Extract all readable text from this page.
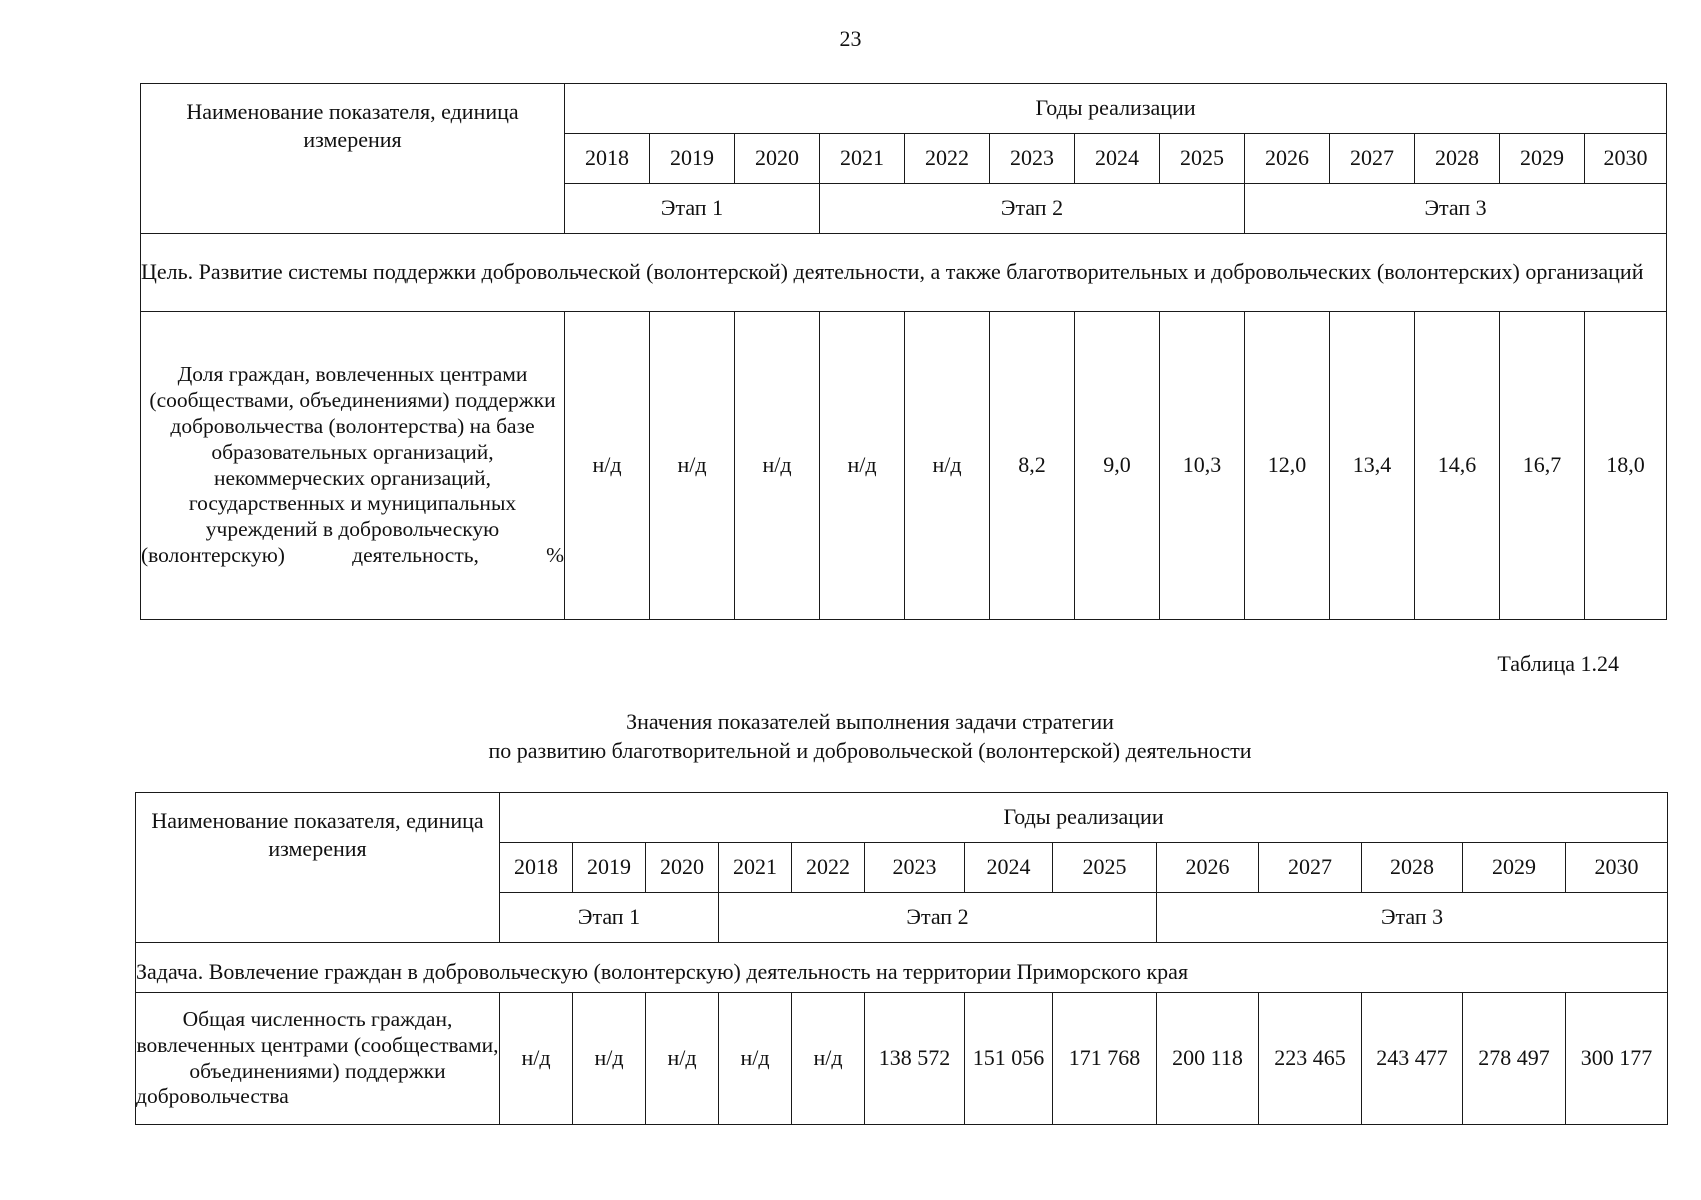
23
Наименование показателя, единица измерения	Годы реализации												
	2018	2019	2020	2021	2022	2023	2024	2025	2026	2027	2028	2029	2030
	Этап 1			Этап 2					Этап 3				
Цель. Развитие системы поддержки добровольческой (волонтерской) деятельности, а также благотворительных и добровольческих (волонтерских) организаций													
Доля граждан, вовлеченных центрами (сообществами, объединениями) поддержки добровольчества (волонтерства) на базе образовательных организаций, некоммерческих организаций, государственных и муниципальных учреждений в добровольческую (волонтерскую) деятельность, %	н/д	н/д	н/д	н/д	н/д	8,2	9,0	10,3	12,0	13,4	14,6	16,7	18,0
Таблица 1.24
Значения показателей выполнения задачи стратегии
по развитию благотворительной и добровольческой (волонтерской) деятельности
Наименование показателя, единица измерения	Годы реализации												
	2018	2019	2020	2021	2022	2023	2024	2025	2026	2027	2028	2029	2030
	Этап 1			Этап 2					Этап 3				
Задача. Вовлечение граждан в добровольческую (волонтерскую) деятельность на территории Приморского края													
Общая численность граждан, вовлеченных центрами (сообществами, объединениями) поддержки добровольчества	н/д	н/д	н/д	н/д	н/д	138 572	151 056	171 768	200 118	223 465	243 477	278 497	300 177
